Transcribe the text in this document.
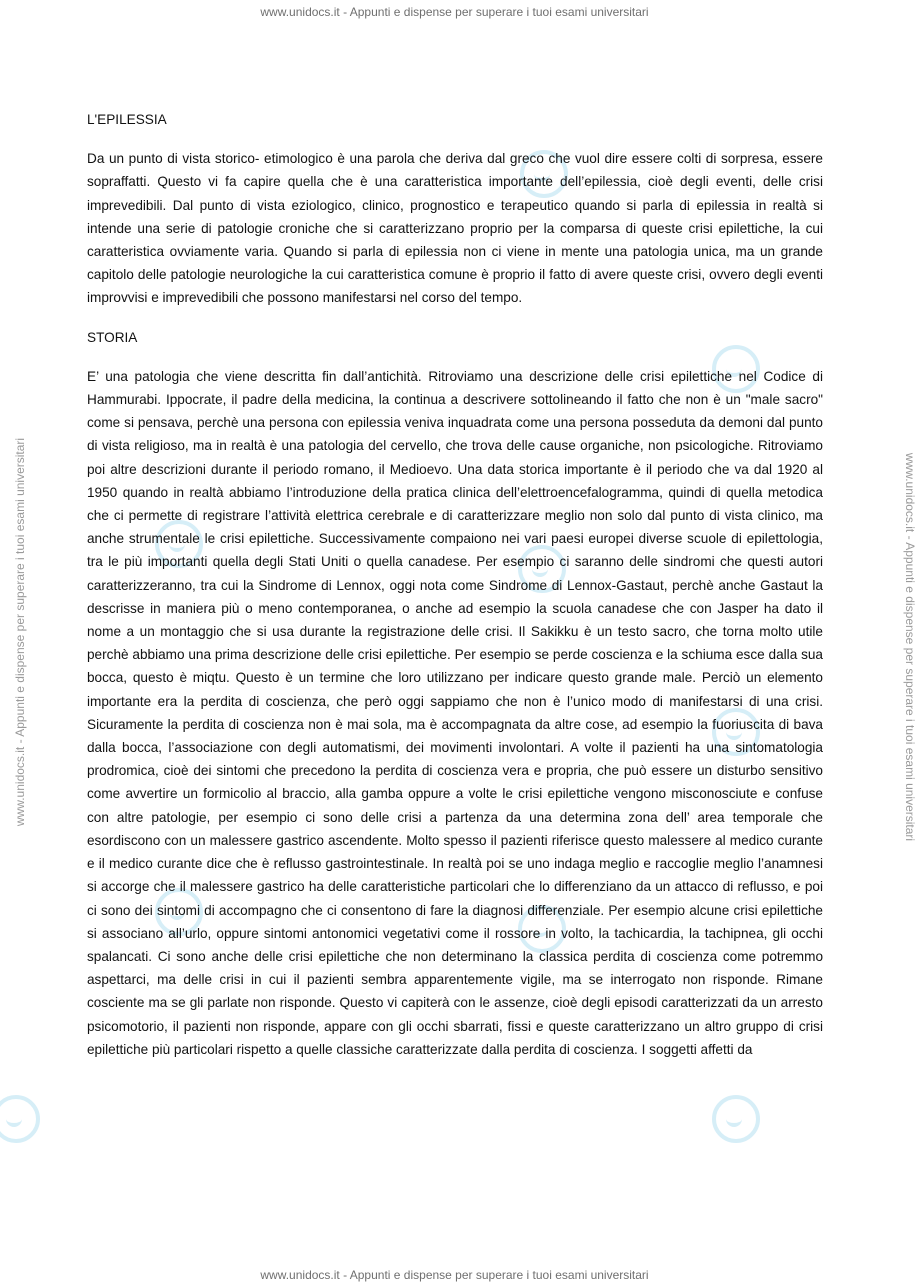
www.unidocs.it - Appunti e dispense per superare i tuoi esami universitari
www.unidocs.it - Appunti e dispense per superare i tuoi esami universitari
www.unidocs.it - Appunti e dispense per superare i tuoi esami universitari	www.unidocs.it - Appunti e dispense per superare i tuoi esami universitari
L'EPILESSIA

Da un punto di vista storico- etimologico è una parola che deriva dal greco che vuol dire essere colti di sorpresa, essere sopraffatti. Questo vi fa capire quella che è una caratteristica importante dell’epilessia, cioè degli eventi, delle crisi imprevedibili. Dal punto di vista eziologico, clinico, prognostico e terapeutico quando si parla di epilessia in realtà si intende una serie di patologie croniche che si caratterizzano proprio per la comparsa di queste crisi epilettiche, la cui caratteristica ovviamente varia. Quando si parla di epilessia non ci viene in mente una patologia unica, ma un grande capitolo delle patologie neurologiche la cui caratteristica comune è proprio il fatto di avere queste crisi, ovvero degli eventi improvvisi e imprevedibili che possono manifestarsi nel corso del tempo.

STORIA

E’ una patologia che viene descritta fin dall’antichità. Ritroviamo una descrizione delle crisi epilettiche nel Codice di Hammurabi. Ippocrate, il padre della medicina, la continua a descrivere sottolineando il fatto che non è un "male sacro" come si pensava, perchè una persona con epilessia veniva inquadrata come una persona posseduta da demoni dal punto di vista religioso, ma in realtà è una patologia del cervello, che trova delle cause organiche, non psicologiche. Ritroviamo poi altre descrizioni durante il periodo romano, il Medioevo. Una data storica importante è il periodo che va dal 1920 al 1950 quando in realtà abbiamo l’introduzione della pratica clinica dell’elettroencefalogramma, quindi di quella metodica che ci permette di registrare l’attività elettrica cerebrale e di caratterizzare meglio non solo dal punto di vista clinico, ma anche strumentale le crisi epilettiche. Successivamente compaiono nei vari paesi europei diverse scuole di epilettologia, tra le più importanti quella degli Stati Uniti o quella canadese. Per esempio ci saranno delle sindromi che questi autori caratterizzeranno, tra cui la Sindrome di Lennox, oggi nota come Sindrome di Lennox-Gastaut, perchè anche Gastaut la descrisse in maniera più o meno contemporanea, o anche ad esempio la scuola canadese che con Jasper ha dato il nome a un montaggio che si usa durante la registrazione delle crisi. Il Sakikku è un testo sacro, che torna molto utile perchè abbiamo una prima descrizione delle crisi epilettiche. Per esempio se perde coscienza e la schiuma esce dalla sua bocca, questo è miqtu. Questo è un termine che loro utilizzano per indicare questo grande male. Perciò un elemento importante era la perdita di coscienza, che però oggi sappiamo che non è l’unico modo di manifestarsi di una crisi. Sicuramente la perdita di coscienza non è mai sola, ma è accompagnata da altre cose, ad esempio la fuoriuscita di bava dalla bocca, l’associazione con degli automatismi, dei movimenti involontari. A volte il pazienti ha una sintomatologia prodromica, cioè dei sintomi che precedono la perdita di coscienza vera e propria, che può essere un disturbo sensitivo come avvertire un formicolio al braccio, alla gamba oppure a volte le crisi epilettiche vengono misconosciute e confuse con altre patologie, per esempio ci sono delle crisi a partenza da una determina zona dell’ area temporale che esordiscono con un malessere gastrico ascendente. Molto spesso il pazienti riferisce questo malessere al medico curante e il medico curante dice che è reflusso gastrointestinale. In realtà poi se uno indaga meglio e raccoglie meglio l’anamnesi si accorge che il malessere gastrico ha delle caratteristiche particolari che lo differenziano da un attacco di reflusso, e poi ci sono dei sintomi di accompagno che ci consentono di fare la diagnosi differenziale. Per esempio alcune crisi epilettiche si associano all’urlo, oppure sintomi antonomici vegetativi come il rossore in volto, la tachicardia, la tachipnea, gli occhi spalancati. Ci sono anche delle crisi epilettiche che non determinano la classica perdita di coscienza come potremmo aspettarci, ma delle crisi in cui il pazienti sembra apparentemente vigile, ma se interrogato non risponde. Rimane cosciente ma se gli parlate non risponde. Questo vi capiterà con le assenze, cioè degli episodi caratterizzati da un arresto psicomotorio, il pazienti non risponde, appare con gli occhi sbarrati, fissi e queste caratterizzano un altro gruppo di crisi epilettiche più particolari rispetto a quelle classiche caratterizzate dalla perdita di coscienza. I soggetti affetti da
